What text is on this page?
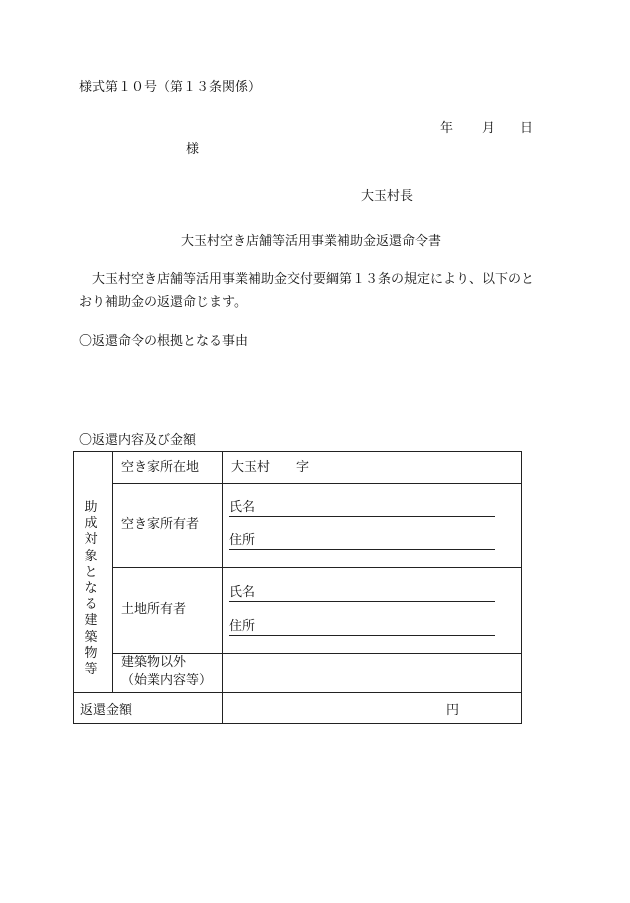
様式第１０号（第１３条関係）
年 月 日
様
大玉村長
大玉村空き店舗等活用事業補助金返還命令書
　大玉村空き店舗等活用事業補助金交付要綱第１３条の規定により、以下のと
おり補助金の返還命じます。
〇返還命令の根拠となる事由
〇返還内容及び金額
助成対象となる建築物等
空き家所在地 大玉村　　字
空き家所有者
氏名
住所
土地所有者
氏名
住所
建築物以外
（始業内容等）
返還金額	円
